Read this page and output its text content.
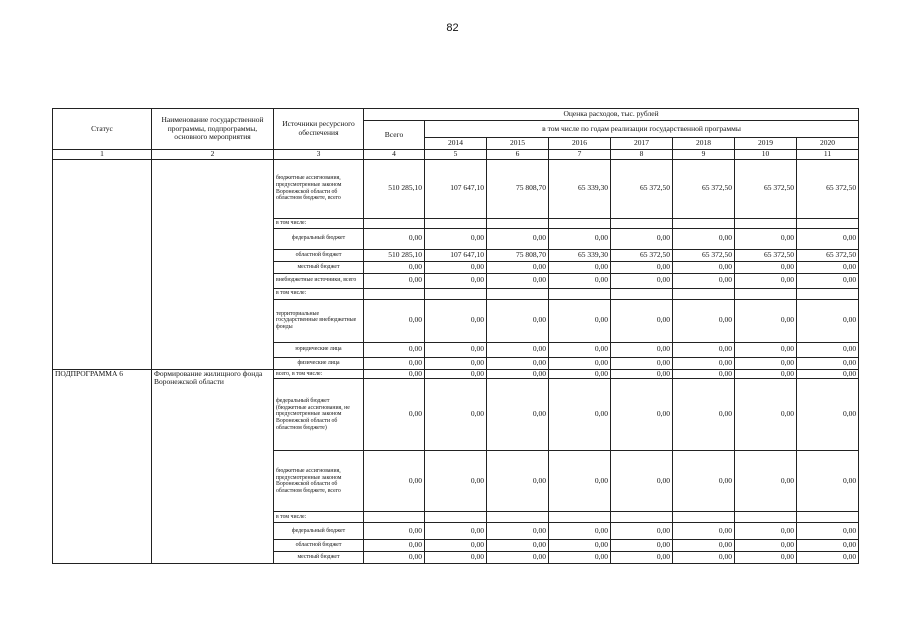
82
Статус	Наименование государственной программы, подпрограммы, основного мероприятия	Источники ресурсного обеспечения	Оценка расходов, тыс. рублей							
			Всего	в том числе по годам реализации государственной программы						
				2014	2015	2016	2017	2018	2019	2020
1	2	3	4	5	6	7	8	9	10	11
		бюджетные ассигнования, предусмотренные законом Воронежской области об областном бюджете, всего	510 285,10	107 647,10	75 808,70	65 339,30	65 372,50	65 372,50	65 372,50	65 372,50
		в том числе:								
		федеральный бюджет	0,00	0,00	0,00	0,00	0,00	0,00	0,00	0,00
		областной бюджет	510 285,10	107 647,10	75 808,70	65 339,30	65 372,50	65 372,50	65 372,50	65 372,50
		местный бюджет	0,00	0,00	0,00	0,00	0,00	0,00	0,00	0,00
		внебюджетные источники, всего	0,00	0,00	0,00	0,00	0,00	0,00	0,00	0,00
		в том числе:								
		территориальные государственные внебюджетные фонды	0,00	0,00	0,00	0,00	0,00	0,00	0,00	0,00
		юридические лица	0,00	0,00	0,00	0,00	0,00	0,00	0,00	0,00
		физические лица	0,00	0,00	0,00	0,00	0,00	0,00	0,00	0,00
ПОДПРОГРАММА 6	Формирование жилищного фонда Воронежской области	всего, в том числе:	0,00	0,00	0,00	0,00	0,00	0,00	0,00	0,00
		федеральный бюджет (бюджетные ассигнования, не предусмотренные законом Воронежской области об областном бюджете)	0,00	0,00	0,00	0,00	0,00	0,00	0,00	0,00
		бюджетные ассигнования, предусмотренные законом Воронежской области об областном бюджете, всего	0,00	0,00	0,00	0,00	0,00	0,00	0,00	0,00
		в том числе:								
		федеральный бюджет	0,00	0,00	0,00	0,00	0,00	0,00	0,00	0,00
		областной бюджет	0,00	0,00	0,00	0,00	0,00	0,00	0,00	0,00
		местный бюджет	0,00	0,00	0,00	0,00	0,00	0,00	0,00	0,00
